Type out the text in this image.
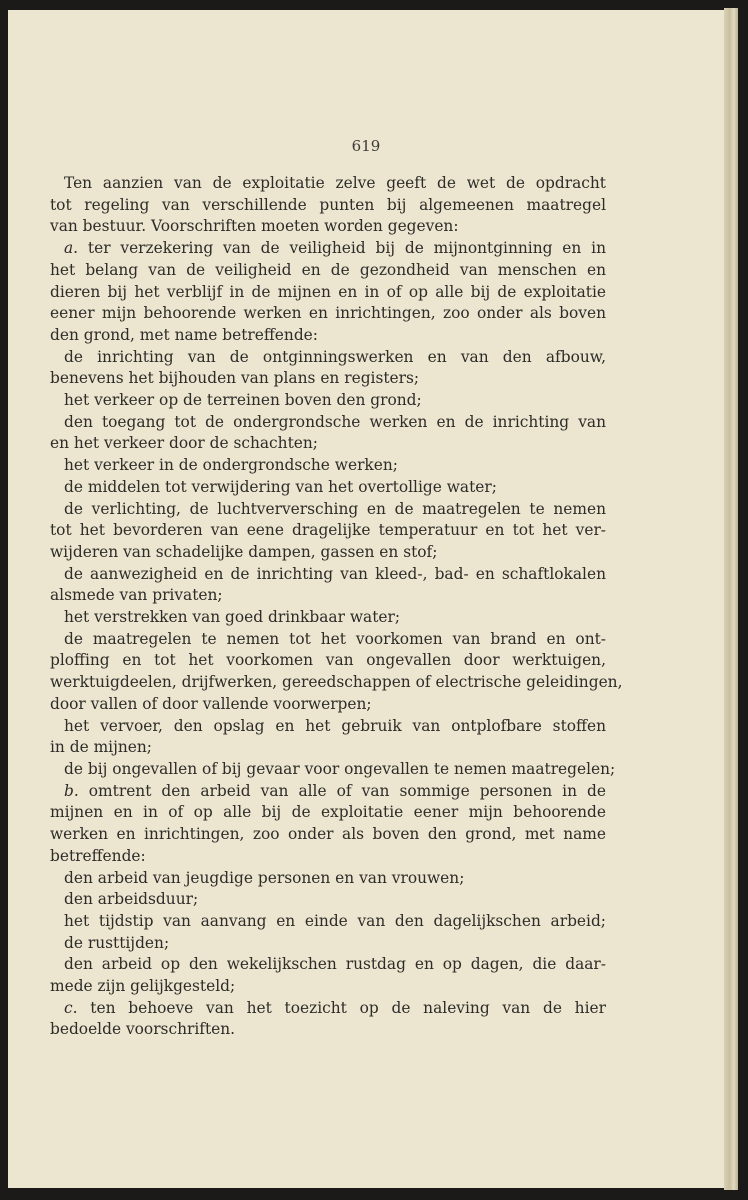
619
Ten aanzien van de exploitatie zelve geeft de wet de opdracht
tot regeling van verschillende punten bij algemeenen maatregel
van bestuur. Voorschriften moeten worden gegeven:
a. ter verzekering van de veiligheid bij de mijnontginning en in
het belang van de veiligheid en de gezondheid van menschen en
dieren bij het verblijf in de mijnen en in of op alle bij de exploitatie
eener mijn behoorende werken en inrichtingen, zoo onder als boven
den grond, met name betreffende:
de inrichting van de ontginningswerken en van den afbouw,
benevens het bijhouden van plans en registers;
het verkeer op de terreinen boven den grond;
den toegang tot de ondergrondsche werken en de inrichting van
en het verkeer door de schachten;
het verkeer in de ondergrondsche werken;
de middelen tot verwijdering van het overtollige water;
de verlichting, de luchtverversching en de maatregelen te nemen
tot het bevorderen van eene dragelijke temperatuur en tot het ver-
wijderen van schadelijke dampen, gassen en stof;
de aanwezigheid en de inrichting van kleed-, bad- en schaftlokalen
alsmede van privaten;
het verstrekken van goed drinkbaar water;
de maatregelen te nemen tot het voorkomen van brand en ont-
ploffing en tot het voorkomen van ongevallen door werktuigen,
werktuigdeelen, drijfwerken, gereedschappen of electrische geleidingen,
door vallen of door vallende voorwerpen;
het vervoer, den opslag en het gebruik van ontplofbare stoffen
in de mijnen;
de bij ongevallen of bij gevaar voor ongevallen te nemen maatregelen;
b. omtrent den arbeid van alle of van sommige personen in de
mijnen en in of op alle bij de exploitatie eener mijn behoorende
werken en inrichtingen, zoo onder als boven den grond, met name
betreffende:
den arbeid van jeugdige personen en van vrouwen;
den arbeidsduur;
het tijdstip van aanvang en einde van den dagelijkschen arbeid;
de rusttijden;
den arbeid op den wekelijkschen rustdag en op dagen, die daar-
mede zijn gelijkgesteld;
c. ten behoeve van het toezicht op de naleving van de hier
bedoelde voorschriften.
